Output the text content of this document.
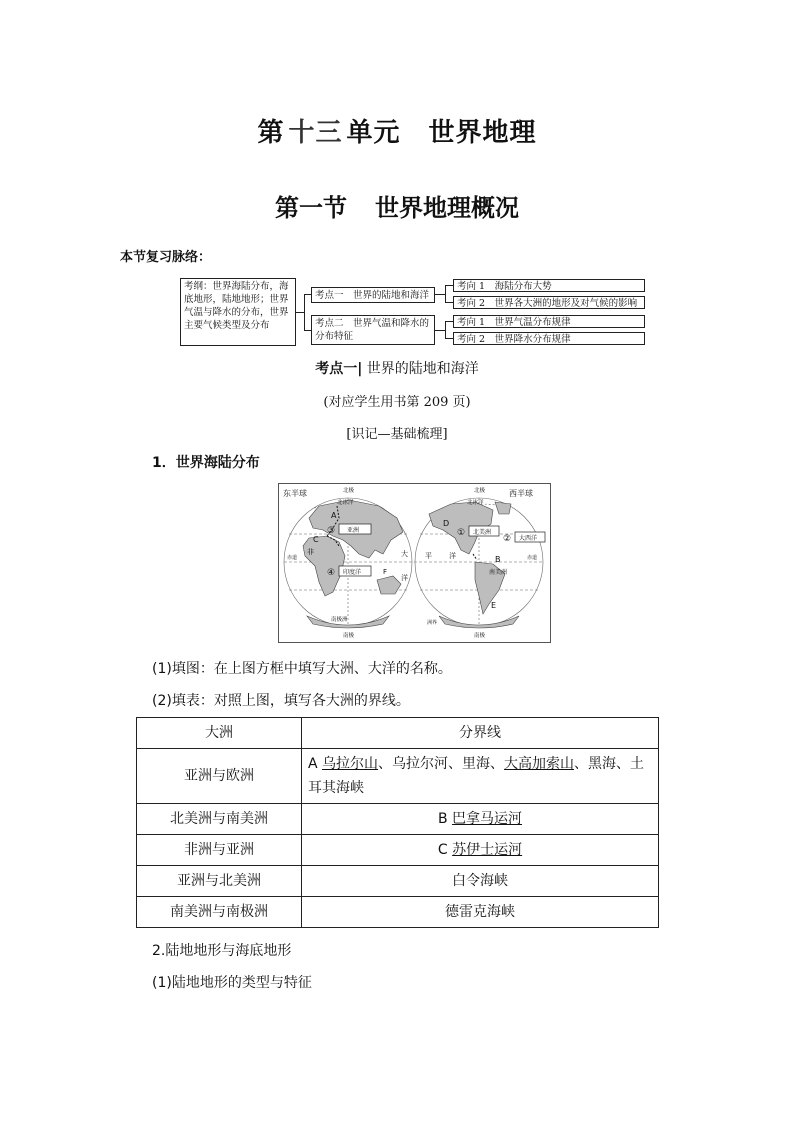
第 十三 单元 世界地理
第一节 世界地理概况
本节复习脉络：
考纲：世界海陆分布，海底地形，陆地地形；世界气温与降水的分布，世界主要气候类型及分布
考点一　世界的陆地和海洋
考点二　世界气温和降水的分布特征
考向 1　海陆分布大势
考向 2　世界各大洲的地形及对气候的影响
考向 1　世界气温分布规律
考向 2　世界降水分布规律
考点一| 世界的陆地和海洋
(对应学生用书第 209 页)
[识记—基础梳理]
1．世界海陆分布
东半球	西半球
北极	北极
北冰洋	北冰洋
南极洲
南极	南极
赤道	赤道
非	大
洋
平 洋
南美洲
洲界
A
C
F
D
B
E
亚洲
③
印度洋
④
北美洲
①
大西洋
②
(1)填图：在上图方框中填写大洲、大洋的名称。
(2)填表：对照上图，填写各大洲的界线。
大洲	分界线
亚洲与欧洲	A 乌拉尔山、乌拉尔河、里海、大高加索山、黑海、土耳其海峡
北美洲与南美洲	B 巴拿马运河
非洲与亚洲	C 苏伊士运河
亚洲与北美洲	白令海峡
南美洲与南极洲	德雷克海峡
2.陆地地形与海底地形
(1)陆地地形的类型与特征
